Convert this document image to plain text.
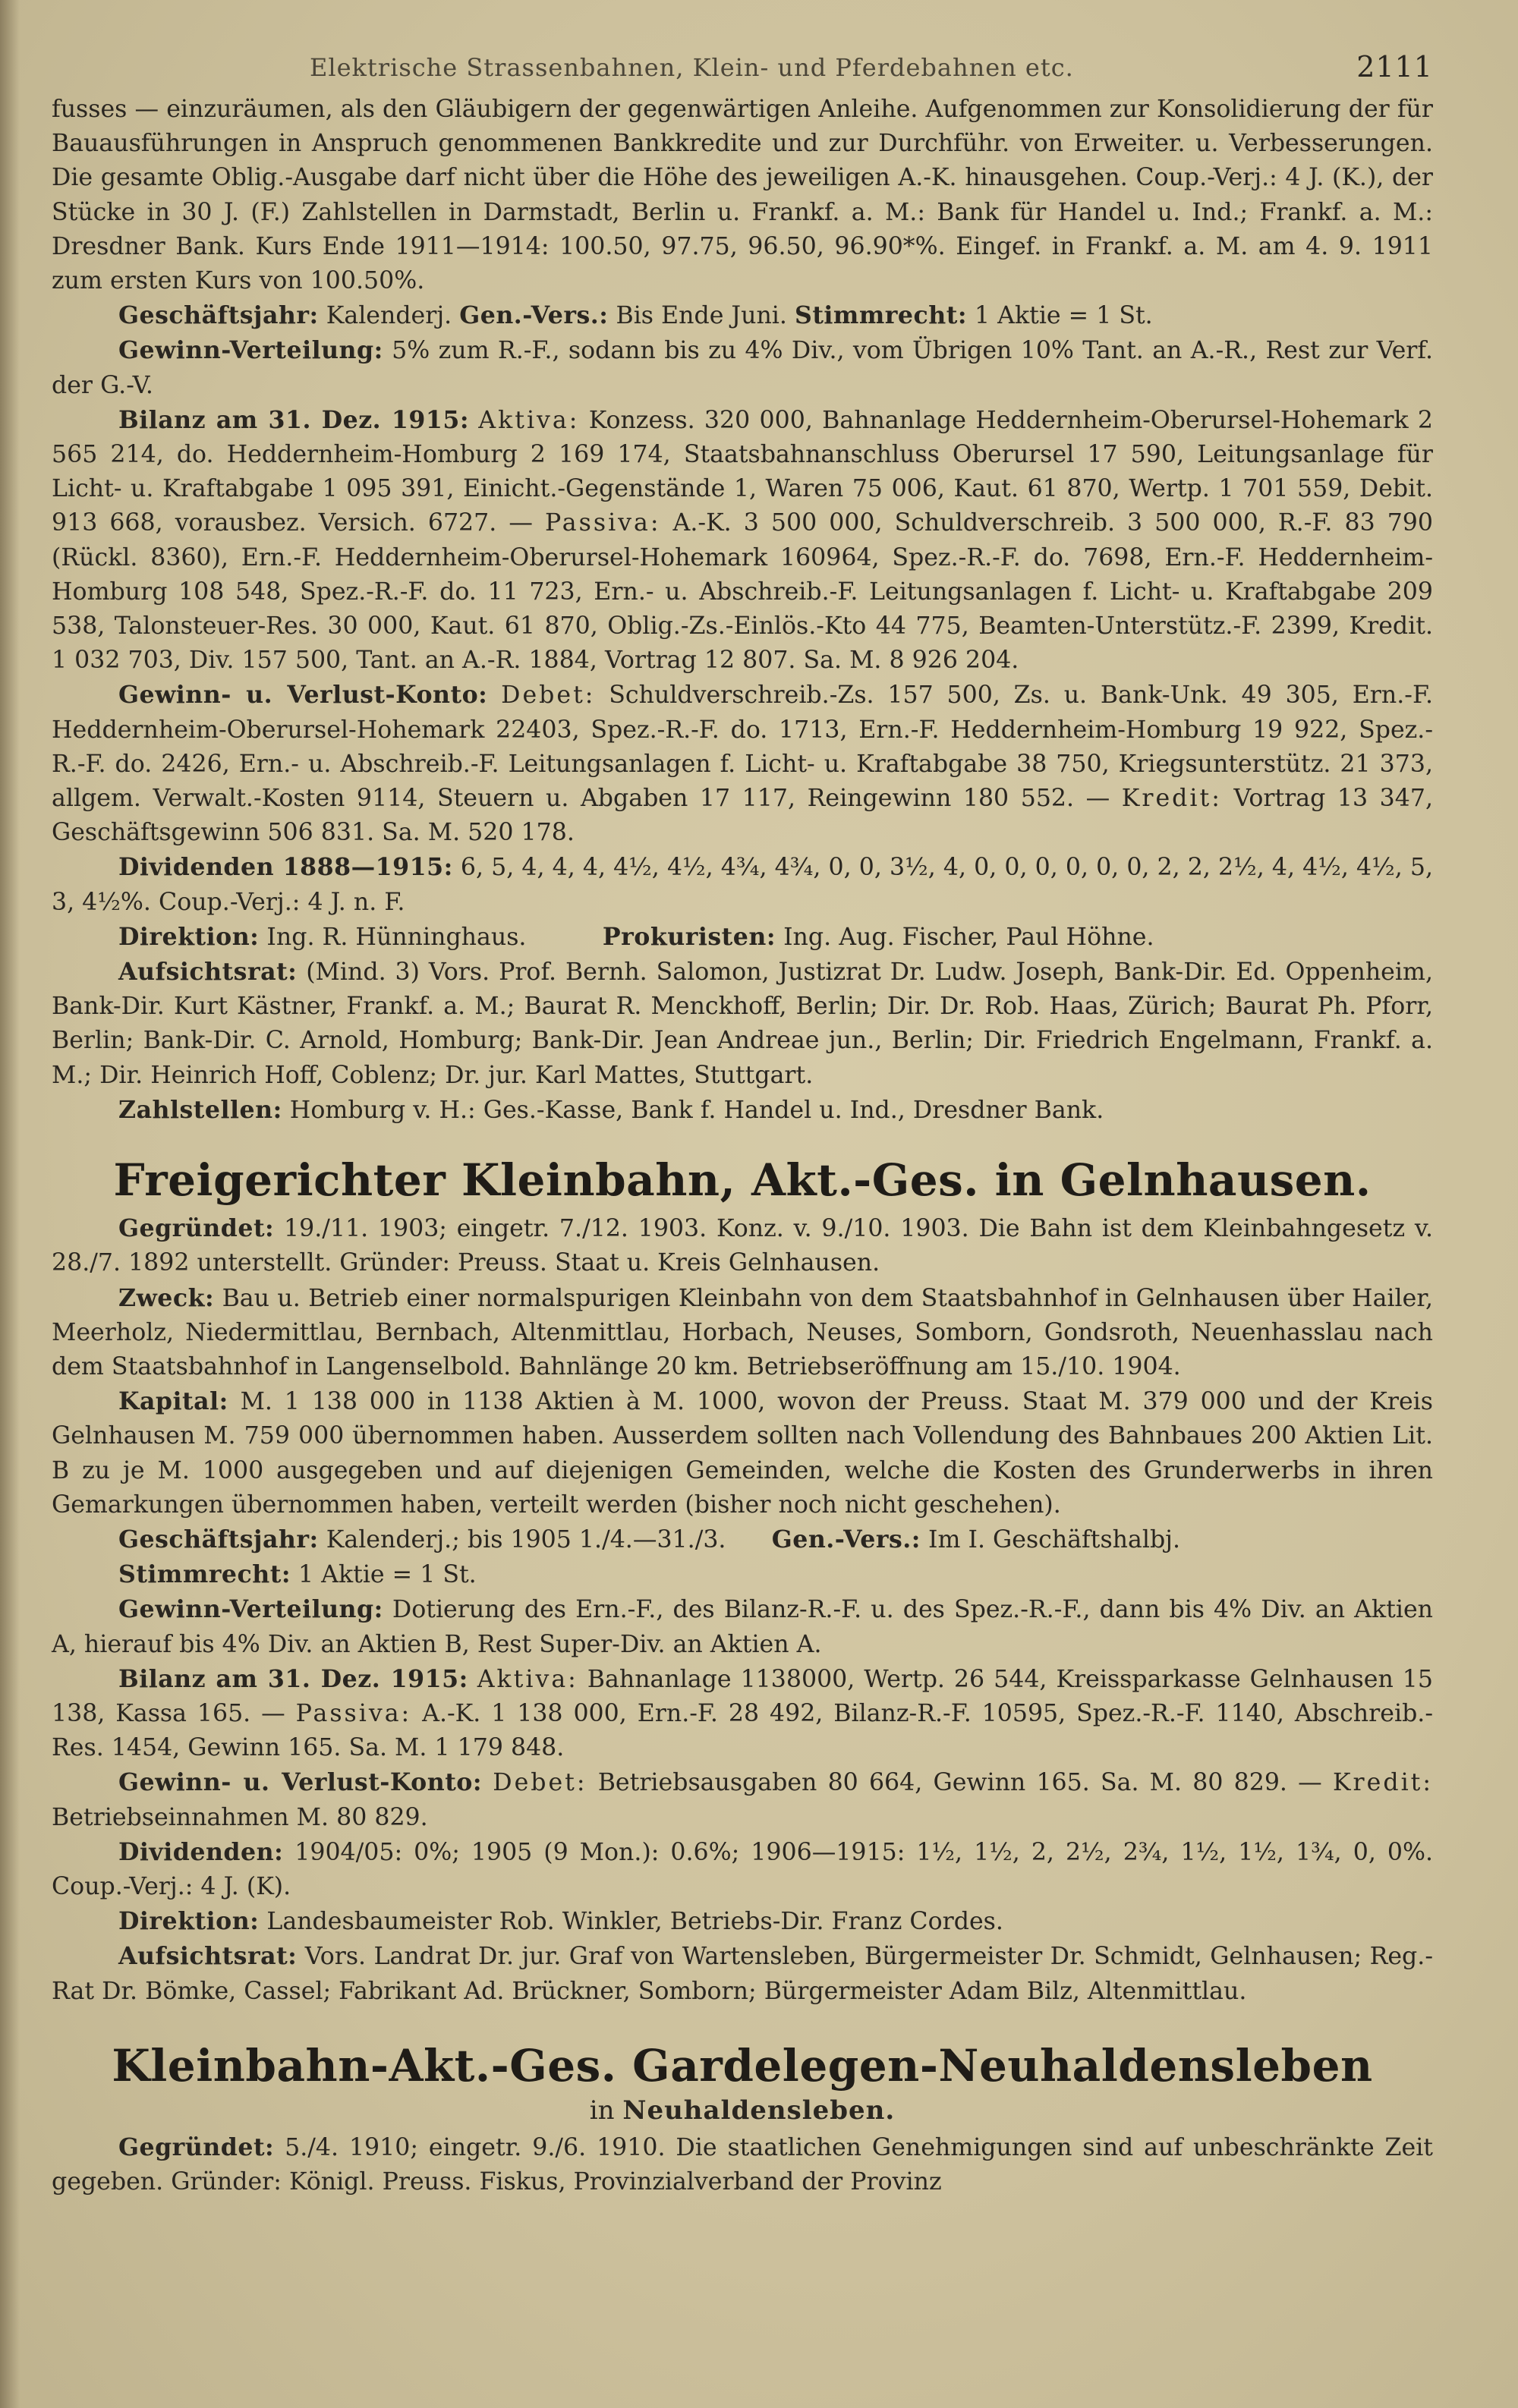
Elektrische Strassenbahnen, Klein- und Pferdebahnen etc.	2111

fusses — einzuräumen, als den Gläubigern der gegenwärtigen Anleihe. Aufgenommen zur Konsolidierung der für Bauausführungen in Anspruch genommenen Bankkredite und zur Durchführ. von Erweiter. u. Verbesserungen. Die gesamte Oblig.-Ausgabe darf nicht über die Höhe des jeweiligen A.-K. hinausgehen. Coup.-Verj.: 4 J. (K.), der Stücke in 30 J. (F.) Zahlstellen in Darmstadt, Berlin u. Frankf. a. M.: Bank für Handel u. Ind.; Frankf. a. M.: Dresdner Bank. Kurs Ende 1911—1914: 100.50, 97.75, 96.50, 96.90*%. Eingef. in Frankf. a. M. am 4. 9. 1911 zum ersten Kurs von 100.50%.

Geschäftsjahr: Kalenderj. Gen.-Vers.: Bis Ende Juni. Stimmrecht: 1 Aktie = 1 St.

Gewinn-Verteilung: 5% zum R.-F., sodann bis zu 4% Div., vom Übrigen 10% Tant. an A.-R., Rest zur Verf. der G.-V.

Bilanz am 31. Dez. 1915: Aktiva: Konzess. 320 000, Bahnanlage Heddernheim-Oberursel-Hohemark 2 565 214, do. Heddernheim-Homburg 2 169 174, Staatsbahnanschluss Oberursel 17 590, Leitungsanlage für Licht- u. Kraftabgabe 1 095 391, Einicht.-Gegenstände 1, Waren 75 006, Kaut. 61 870, Wertp. 1 701 559, Debit. 913 668, vorausbez. Versich. 6727. — Passiva: A.-K. 3 500 000, Schuldverschreib. 3 500 000, R.-F. 83 790 (Rückl. 8360), Ern.-F. Heddernheim-Oberursel-Hohemark 160964, Spez.-R.-F. do. 7698, Ern.-F. Heddernheim-Homburg 108 548, Spez.-R.-F. do. 11 723, Ern.- u. Abschreib.-F. Leitungsanlagen f. Licht- u. Kraftabgabe 209 538, Talonsteuer-Res. 30 000, Kaut. 61 870, Oblig.-Zs.-Einlös.-Kto 44 775, Beamten-Unterstütz.-F. 2399, Kredit. 1 032 703, Div. 157 500, Tant. an A.-R. 1884, Vortrag 12 807. Sa. M. 8 926 204.

Gewinn- u. Verlust-Konto: Debet: Schuldverschreib.-Zs. 157 500, Zs. u. Bank-Unk. 49 305, Ern.-F. Heddernheim-Oberursel-Hohemark 22403, Spez.-R.-F. do. 1713, Ern.-F. Heddernheim-Homburg 19 922, Spez.-R.-F. do. 2426, Ern.- u. Abschreib.-F. Leitungsanlagen f. Licht- u. Kraftabgabe 38 750, Kriegsunterstütz. 21 373, allgem. Verwalt.-Kosten 9114, Steuern u. Abgaben 17 117, Reingewinn 180 552. — Kredit: Vortrag 13 347, Geschäftsgewinn 506 831. Sa. M. 520 178.

Dividenden 1888—1915: 6, 5, 4, 4, 4, 4½, 4½, 4¾, 4¾, 0, 0, 3½, 4, 0, 0, 0, 0, 0, 0, 2, 2, 2½, 4, 4½, 4½, 5, 3, 4½%. Coup.-Verj.: 4 J. n. F.

Direktion: Ing. R. Hünninghaus.	Prokuristen: Ing. Aug. Fischer, Paul Höhne.

Aufsichtsrat: (Mind. 3) Vors. Prof. Bernh. Salomon, Justizrat Dr. Ludw. Joseph, Bank-Dir. Ed. Oppenheim, Bank-Dir. Kurt Kästner, Frankf. a. M.; Baurat R. Menckhoff, Berlin; Dir. Dr. Rob. Haas, Zürich; Baurat Ph. Pforr, Berlin; Bank-Dir. C. Arnold, Homburg; Bank-Dir. Jean Andreae jun., Berlin; Dir. Friedrich Engelmann, Frankf. a. M.; Dir. Heinrich Hoff, Coblenz; Dr. jur. Karl Mattes, Stuttgart.

Zahlstellen: Homburg v. H.: Ges.-Kasse, Bank f. Handel u. Ind., Dresdner Bank.

Freigerichter Kleinbahn, Akt.-Ges. in Gelnhausen.

Gegründet: 19./11. 1903; eingetr. 7./12. 1903. Konz. v. 9./10. 1903. Die Bahn ist dem Kleinbahngesetz v. 28./7. 1892 unterstellt. Gründer: Preuss. Staat u. Kreis Gelnhausen.

Zweck: Bau u. Betrieb einer normalspurigen Kleinbahn von dem Staatsbahnhof in Gelnhausen über Hailer, Meerholz, Niedermittlau, Bernbach, Altenmittlau, Horbach, Neuses, Somborn, Gondsroth, Neuenhasslau nach dem Staatsbahnhof in Langenselbold. Bahnlänge 20 km. Betriebseröffnung am 15./10. 1904.

Kapital: M. 1 138 000 in 1138 Aktien à M. 1000, wovon der Preuss. Staat M. 379 000 und der Kreis Gelnhausen M. 759 000 übernommen haben. Ausserdem sollten nach Vollendung des Bahnbaues 200 Aktien Lit. B zu je M. 1000 ausgegeben und auf diejenigen Gemeinden, welche die Kosten des Grunderwerbs in ihren Gemarkungen übernommen haben, verteilt werden (bisher noch nicht geschehen).

Geschäftsjahr: Kalenderj.; bis 1905 1./4.—31./3. Gen.-Vers.: Im I. Geschäftshalbj.

Stimmrecht: 1 Aktie = 1 St.

Gewinn-Verteilung: Dotierung des Ern.-F., des Bilanz-R.-F. u. des Spez.-R.-F., dann bis 4% Div. an Aktien A, hierauf bis 4% Div. an Aktien B, Rest Super-Div. an Aktien A.

Bilanz am 31. Dez. 1915: Aktiva: Bahnanlage 1138000, Wertp. 26 544, Kreissparkasse Gelnhausen 15 138, Kassa 165. — Passiva: A.-K. 1 138 000, Ern.-F. 28 492, Bilanz-R.-F. 10595, Spez.-R.-F. 1140, Abschreib.-Res. 1454, Gewinn 165. Sa. M. 1 179 848.

Gewinn- u. Verlust-Konto: Debet: Betriebsausgaben 80 664, Gewinn 165. Sa. M. 80 829. — Kredit: Betriebseinnahmen M. 80 829.

Dividenden: 1904/05: 0%; 1905 (9 Mon.): 0.6%; 1906—1915: 1½, 1½, 2, 2½, 2¾, 1½, 1½, 1¾, 0, 0%. Coup.-Verj.: 4 J. (K).

Direktion: Landesbaumeister Rob. Winkler, Betriebs-Dir. Franz Cordes.

Aufsichtsrat: Vors. Landrat Dr. jur. Graf von Wartensleben, Bürgermeister Dr. Schmidt, Gelnhausen; Reg.-Rat Dr. Bömke, Cassel; Fabrikant Ad. Brückner, Somborn; Bürgermeister Adam Bilz, Altenmittlau.

Kleinbahn-Akt.-Ges. Gardelegen-Neuhaldensleben
in Neuhaldensleben.

Gegründet: 5./4. 1910; eingetr. 9./6. 1910. Die staatlichen Genehmigungen sind auf unbeschränkte Zeit gegeben. Gründer: Königl. Preuss. Fiskus, Provinzialverband der Provinz
